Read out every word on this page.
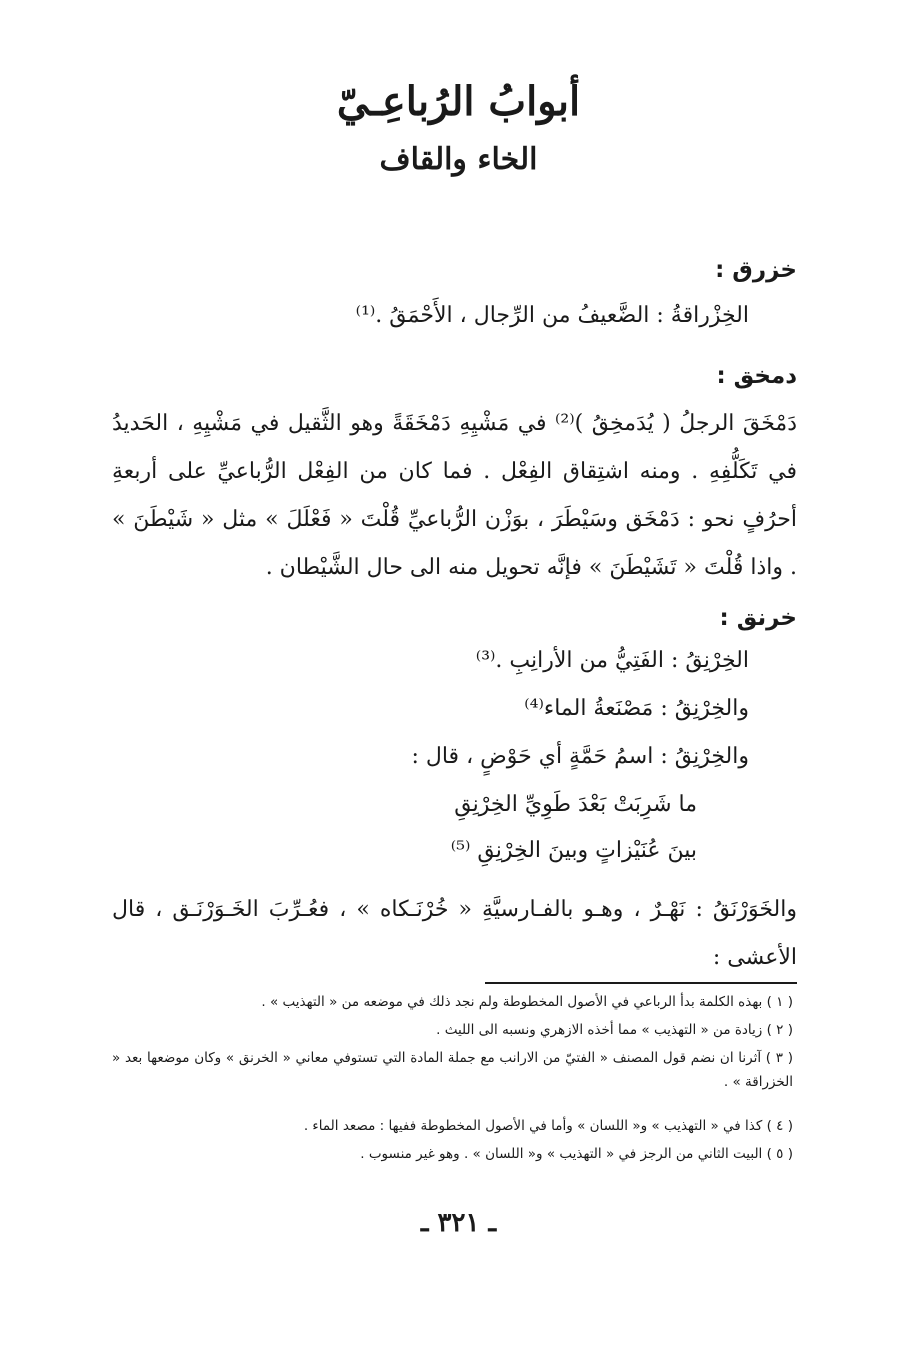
أبوابُ الرُباعِـيّ
الخاء والقاف
خزرق :
الخِزْراقةُ : الضَّعيفُ من الرِّجال ، الأَحْمَقُ .⁽¹⁾
دمخق :
دَمْخَقَ الرجلُ ( يُدَمخِقُ )⁽²⁾ في مَشْيِهِ دَمْخَقَةً وهو الثَّقيل في مَشْيِهِ ، الحَديدُ في تَكَلُّفِهِ . ومنه اشتِقاق الفِعْل . فما كان من الفِعْل الرُّباعيِّ على أربعةِ أحرُفٍ نحو : دَمْخَق وسَيْطَرَ ، بوَزْن الرُّباعيِّ قُلْتَ « فَعْلَلَ » مثل « شَيْطَنَ » . واذا قُلْتَ « تَشَيْطَنَ » فإنَّه تحويل منه الى حال الشَّيْطان .
خرنق :
الخِرْنِقُ : الفَتِيُّ من الأرانِبِ .⁽³⁾
والخِرْنِقُ : مَصْنَعةُ الماء⁽⁴⁾
والخِرْنِقُ : اسمُ حَمَّةٍ أي حَوْضٍ ، قال :
ما شَرِبَتْ بَعْدَ طَوِيِّ الخِرْنِقِ
بينَ عُنَيْزاتٍ وبينَ الخِرْنِقِ ⁽⁵⁾
والخَوَرْنَقُ : نَهْـرٌ ، وهـو بالفـارسيَّةِ « خُرْنَـكاه » ، فعُـرِّبَ الخَـوَرْنَـق ، قال الأعشى :
( ١ ) بهذه الكلمة بدأ الرباعي في الأصول المخطوطة ولم نجد ذلك في موضعه من « التهذيب » .
( ٢ ) زيادة من « التهذيب » مما أخذه الازهري ونسبه الى الليث .
( ٣ ) آثرنا ان نضم قول المصنف « الفتيّ من الارانب مع جملة المادة التي تستوفي معاني « الخرنق » وكان موضعها بعد « الخزراقة » .
( ٤ ) كذا في « التهذيب » و« اللسان » وأما في الأصول المخطوطة ففيها : مصعد الماء .
( ٥ ) البيت الثاني من الرجز في « التهذيب » و« اللسان » . وهو غير منسوب .
ـ ٣٢١ ـ
